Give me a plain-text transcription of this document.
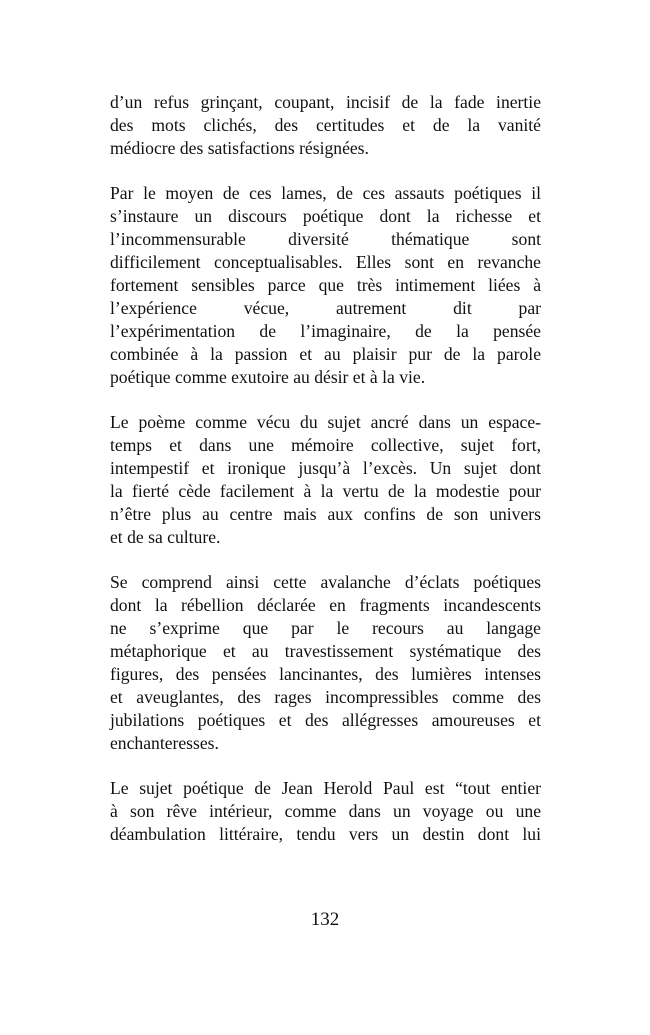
d’un refus grinçant, coupant, incisif de la fade inertie
des mots clichés, des certitudes et de la vanité
médiocre des satisfactions résignées.

Par le moyen de ces lames, de ces assauts poétiques il
s’instaure un discours poétique dont la richesse et
l’incommensurable diversité thématique sont
difficilement conceptualisables. Elles sont en revanche
fortement sensibles parce que très intimement liées à
l’expérience vécue, autrement dit par
l’expérimentation de l’imaginaire, de la pensée
combinée à la passion et au plaisir pur de la parole
poétique comme exutoire au désir et à la vie.

Le poème comme vécu du sujet ancré dans un espace-
temps et dans une mémoire collective, sujet fort,
intempestif et ironique jusqu’à l’excès. Un sujet dont
la fierté cède facilement à la vertu de la modestie pour
n’être plus au centre mais aux confins de son univers
et de sa culture.

Se comprend ainsi cette avalanche d’éclats poétiques
dont la rébellion déclarée en fragments incandescents
ne s’exprime que par le recours au langage
métaphorique et au travestissement systématique des
figures, des pensées lancinantes, des lumières intenses
et aveuglantes, des rages incompressibles comme des
jubilations poétiques et des allégresses amoureuses et
enchanteresses.

Le sujet poétique de Jean Herold Paul est “tout entier
à son rêve intérieur, comme dans un voyage ou une
déambulation littéraire, tendu vers un destin dont lui

132
